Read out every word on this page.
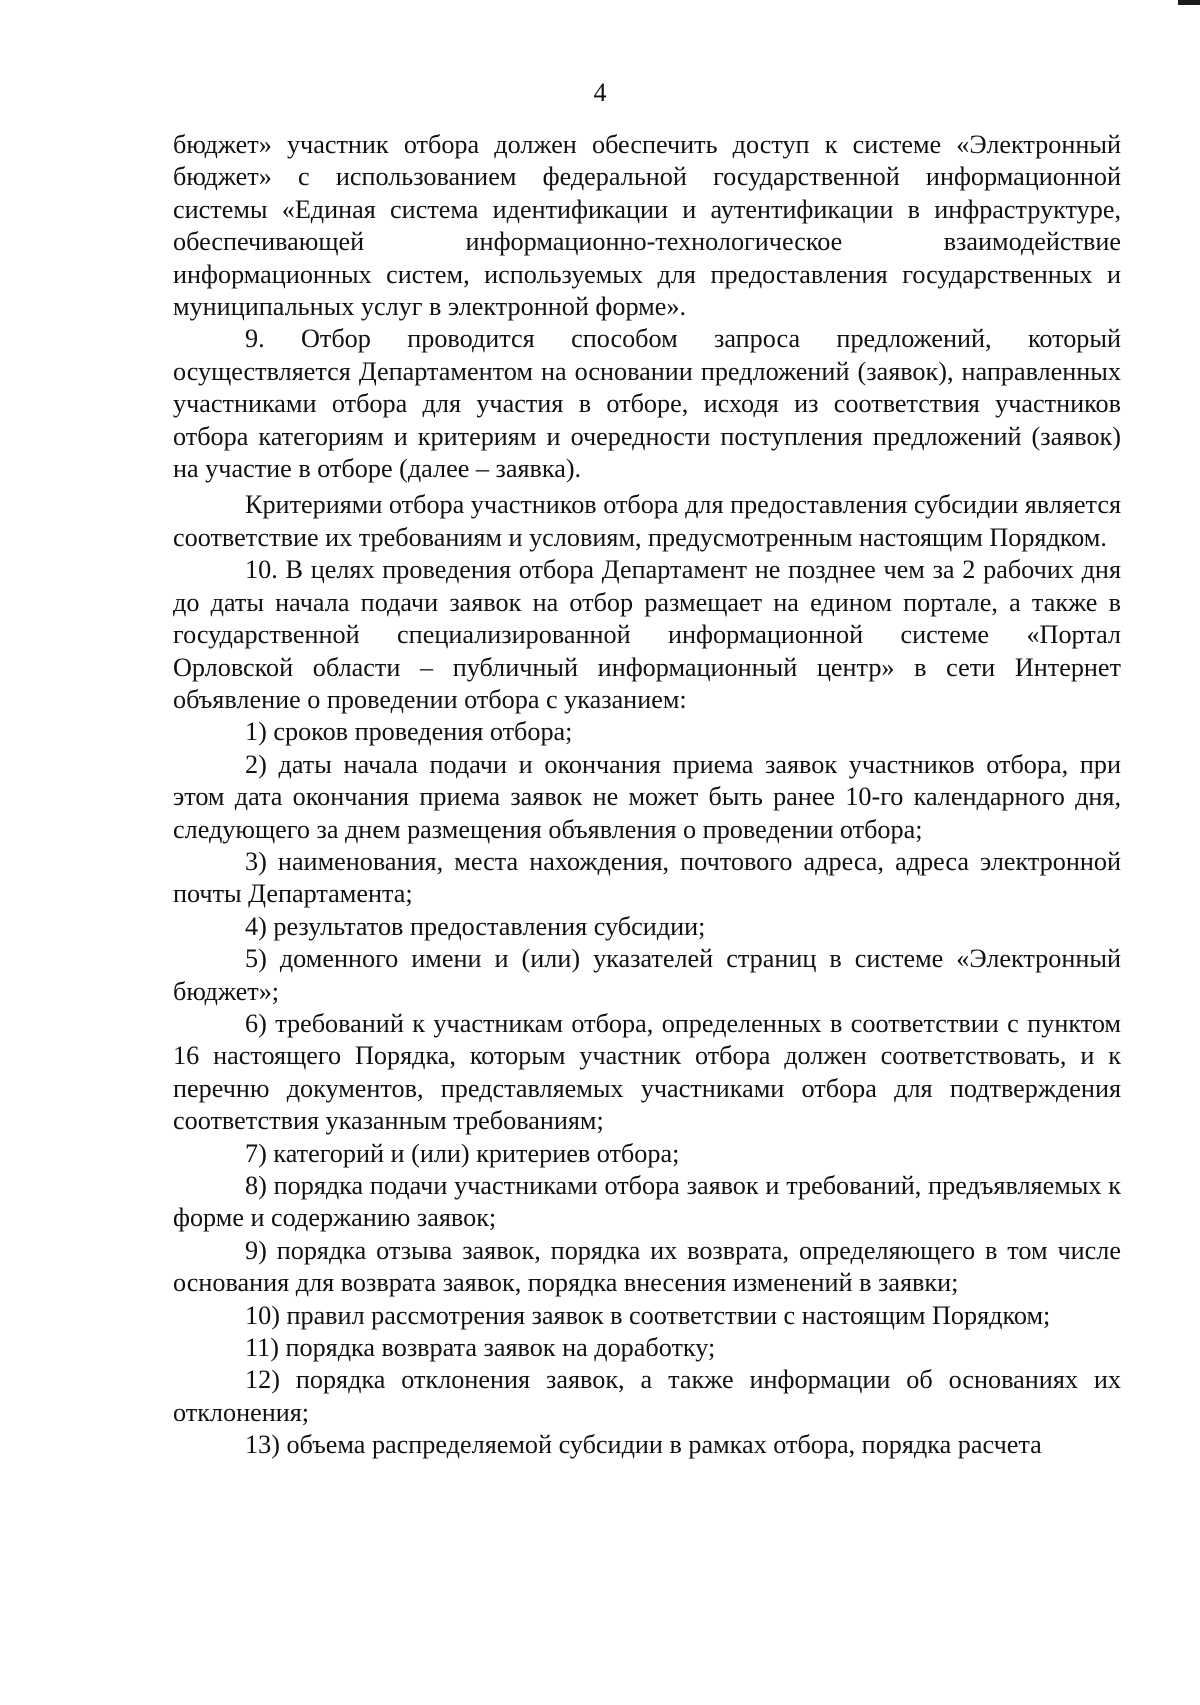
4

бюджет» участник отбора должен обеспечить доступ к системе «Электронный бюджет» с использованием федеральной государственной информационной системы «Единая система идентификации и аутентификации в инфраструктуре, обеспечивающей информационно-технологическое взаимодействие информационных систем, используемых для предоставления государственных и муниципальных услуг в электронной форме».

9. Отбор проводится способом запроса предложений, который осуществляется Департаментом на основании предложений (заявок), направленных участниками отбора для участия в отборе, исходя из соответствия участников отбора категориям и критериям и очередности поступления предложений (заявок) на участие в отборе (далее – заявка).

Критериями отбора участников отбора для предоставления субсидии является соответствие их требованиям и условиям, предусмотренным настоящим Порядком.

10. В целях проведения отбора Департамент не позднее чем за 2 рабочих дня до даты начала подачи заявок на отбор размещает на едином портале, а также в государственной специализированной информационной системе «Портал Орловской области – публичный информационный центр» в сети Интернет объявление о проведении отбора с указанием:

1) сроков проведения отбора;

2) даты начала подачи и окончания приема заявок участников отбора, при этом дата окончания приема заявок не может быть ранее 10-го календарного дня, следующего за днем размещения объявления о проведении отбора;

3) наименования, места нахождения, почтового адреса, адреса электронной почты Департамента;

4) результатов предоставления субсидии;

5) доменного имени и (или) указателей страниц в системе «Электронный бюджет»;

6) требований к участникам отбора, определенных в соответствии с пунктом 16 настоящего Порядка, которым участник отбора должен соответствовать, и к перечню документов, представляемых участниками отбора для подтверждения соответствия указанным требованиям;

7) категорий и (или) критериев отбора;

8) порядка подачи участниками отбора заявок и требований, предъявляемых к форме и содержанию заявок;

9) порядка отзыва заявок, порядка их возврата, определяющего в том числе основания для возврата заявок, порядка внесения изменений в заявки;

10) правил рассмотрения заявок в соответствии с настоящим Порядком;

11) порядка возврата заявок на доработку;

12) порядка отклонения заявок, а также информации об основаниях их отклонения;

13) объема распределяемой субсидии в рамках отбора, порядка расчета
